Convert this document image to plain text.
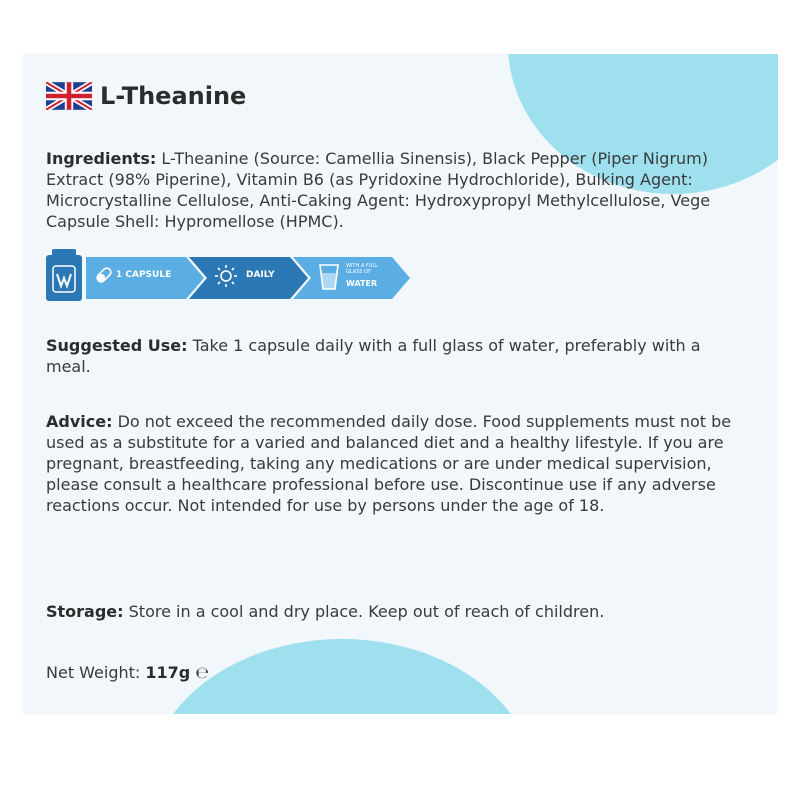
L-Theanine

Ingredients: L-Theanine (Source: Camellia Sinensis), Black Pepper (Piper Nigrum) Extract (98% Piperine), Vitamin B6 (as Pyridoxine Hydrochloride), Bulking Agent: Microcrystalline Cellulose, Anti-Caking Agent: Hydroxypropyl Methylcellulose, Vege Capsule Shell: Hypromellose (HPMC).

1 CAPSULE	DAILY
WITH A FULL GLASS OF
WATER

Suggested Use: Take 1 capsule daily with a full glass of water, preferably with a meal.

Advice: Do not exceed the recommended daily dose. Food supplements must not be used as a substitute for a varied and balanced diet and a healthy lifestyle. If you are pregnant, breastfeeding, taking any medications or are under medical supervision, please consult a healthcare professional before use. Discontinue use if any adverse reactions occur. Not intended for use by persons under the age of 18.

Storage: Store in a cool and dry place. Keep out of reach of children.

Net Weight: 117g ℮
